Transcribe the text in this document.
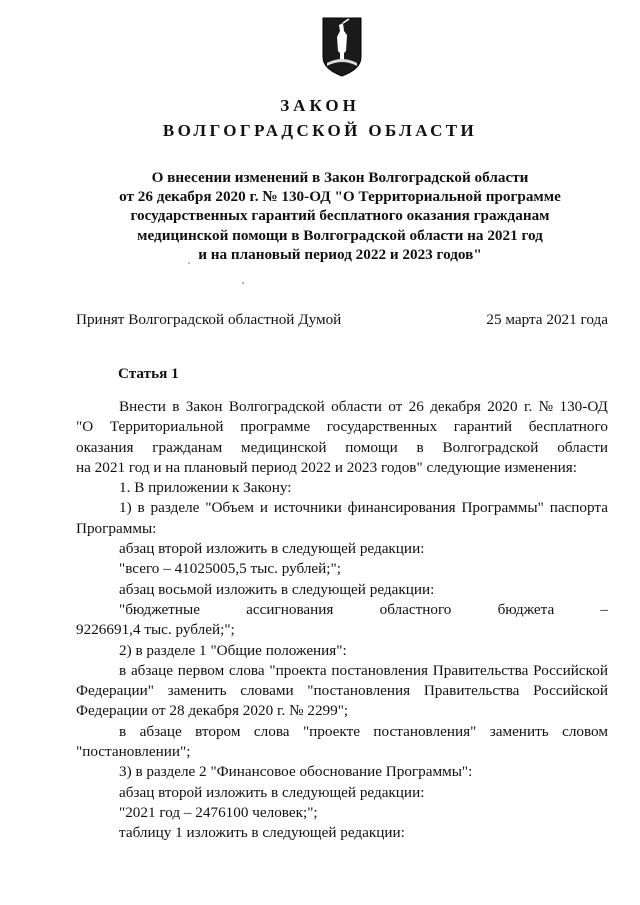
ЗАКОН
ВОЛГОГРАДСКОЙ ОБЛАСТИ
О внесении изменений в Закон Волгоградской области
от 26 декабря 2020 г. № 130-ОД "О Территориальной программе
государственных гарантий бесплатного оказания гражданам
медицинской помощи в Волгоградской области на 2021 год
и на плановый период 2022 и 2023 годов"
Принят Волгоградской областной Думой	25 марта 2021 года
Статья 1
Внести в Закон Волгоградской области от 26 декабря 2020 г. № 130-ОД
"О Территориальной программе государственных гарантий бесплатного
оказания гражданам медицинской помощи в Волгоградской области
на 2021 год и на плановый период 2022 и 2023 годов" следующие изменения:
1. В приложении к Закону:
1) в разделе "Объем и источники финансирования Программы" паспорта
Программы:
абзац второй изложить в следующей редакции:
"всего – 41025005,5 тыс. рублей;";
абзац восьмой изложить в следующей редакции:
"бюджетные	ассигнования	областного	бюджета	–
9226691,4 тыс. рублей;";
2) в разделе 1 "Общие положения":
в абзаце первом слова "проекта постановления Правительства Российской
Федерации" заменить словами "постановления Правительства Российской
Федерации от 28 декабря 2020 г. № 2299";
в абзаце втором слова "проекте постановления" заменить словом
"постановлении";
3) в разделе 2 "Финансовое обоснование Программы":
абзац второй изложить в следующей редакции:
"2021 год – 2476100 человек;";
таблицу 1 изложить в следующей редакции:
